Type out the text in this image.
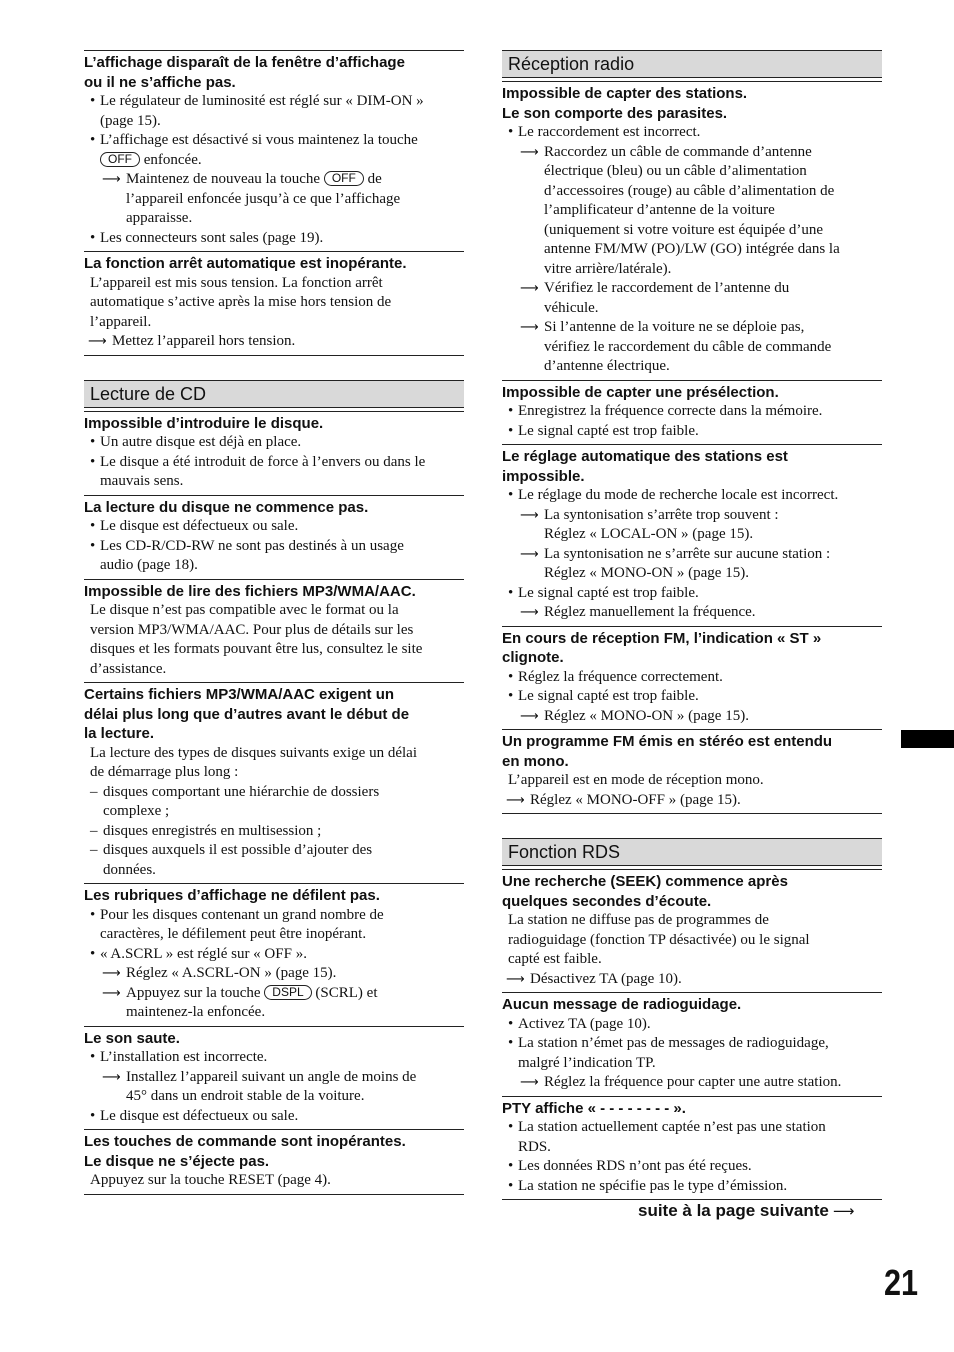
L’affichage disparaît de la fenêtre d’affichage
ou il ne s’affiche pas.
• Le régulateur de luminosité est réglé sur « DIM-ON »
(page 15).
• L’affichage est désactivé si vous maintenez la touche
OFF enfoncée.
⟶ Maintenez de nouveau la touche OFF de
l’appareil enfoncée jusqu’à ce que l’affichage
apparaisse.
• Les connecteurs sont sales (page 19).
La fonction arrêt automatique est inopérante.
L’appareil est mis sous tension. La fonction arrêt
automatique s’active après la mise hors tension de
l’appareil.
⟶ Mettez l’appareil hors tension.
Lecture de CD
Impossible d’introduire le disque.
• Un autre disque est déjà en place.
• Le disque a été introduit de force à l’envers ou dans le
mauvais sens.
La lecture du disque ne commence pas.
• Le disque est défectueux ou sale.
• Les CD-R/CD-RW ne sont pas destinés à un usage
audio (page 18).
Impossible de lire des fichiers MP3/WMA/AAC.
Le disque n’est pas compatible avec le format ou la
version MP3/WMA/AAC. Pour plus de détails sur les
disques et les formats pouvant être lus, consultez le site
d’assistance.
Certains fichiers MP3/WMA/AAC exigent un
délai plus long que d’autres avant le début de
la lecture.
La lecture des types de disques suivants exige un délai
de démarrage plus long :
– disques comportant une hiérarchie de dossiers
complexe ;
– disques enregistrés en multisession ;
– disques auxquels il est possible d’ajouter des
données.
Les rubriques d’affichage ne défilent pas.
• Pour les disques contenant un grand nombre de
caractères, le défilement peut être inopérant.
• « A.SCRL » est réglé sur « OFF ».
⟶ Réglez « A.SCRL-ON » (page 15).
⟶ Appuyez sur la touche DSPL (SCRL) et
maintenez-la enfoncée.
Le son saute.
• L’installation est incorrecte.
⟶ Installez l’appareil suivant un angle de moins de
45° dans un endroit stable de la voiture.
• Le disque est défectueux ou sale.
Les touches de commande sont inopérantes.
Le disque ne s’éjecte pas.
Appuyez sur la touche RESET (page 4).
Réception radio
Impossible de capter des stations.
Le son comporte des parasites.
• Le raccordement est incorrect.
⟶ Raccordez un câble de commande d’antenne
électrique (bleu) ou un câble d’alimentation
d’accessoires (rouge) au câble d’alimentation de
l’amplificateur d’antenne de la voiture
(uniquement si votre voiture est équipée d’une
antenne FM/MW (PO)/LW (GO) intégrée dans la
vitre arrière/latérale).
⟶ Vérifiez le raccordement de l’antenne du
véhicule.
⟶ Si l’antenne de la voiture ne se déploie pas,
vérifiez le raccordement du câble de commande
d’antenne électrique.
Impossible de capter une présélection.
• Enregistrez la fréquence correcte dans la mémoire.
• Le signal capté est trop faible.
Le réglage automatique des stations est
impossible.
• Le réglage du mode de recherche locale est incorrect.
⟶ La syntonisation s’arrête trop souvent :
Réglez « LOCAL-ON » (page 15).
⟶ La syntonisation ne s’arrête sur aucune station :
Réglez « MONO-ON » (page 15).
• Le signal capté est trop faible.
⟶ Réglez manuellement la fréquence.
En cours de réception FM, l’indication « ST »
clignote.
• Réglez la fréquence correctement.
• Le signal capté est trop faible.
⟶ Réglez « MONO-ON » (page 15).
Un programme FM émis en stéréo est entendu
en mono.
L’appareil est en mode de réception mono.
⟶ Réglez « MONO-OFF » (page 15).
Fonction RDS
Une recherche (SEEK) commence après
quelques secondes d’écoute.
La station ne diffuse pas de programmes de
radioguidage (fonction TP désactivée) ou le signal
capté est faible.
⟶ Désactivez TA (page 10).
Aucun message de radioguidage.
• Activez TA (page 10).
• La station n’émet pas de messages de radioguidage,
malgré l’indication TP.
⟶ Réglez la fréquence pour capter une autre station.
PTY affiche « - - - - - - - - ».
• La station actuellement captée n’est pas une station
RDS.
• Les données RDS n’ont pas été reçues.
• La station ne spécifie pas le type d’émission.
suite à la page suivante ⟶
21
